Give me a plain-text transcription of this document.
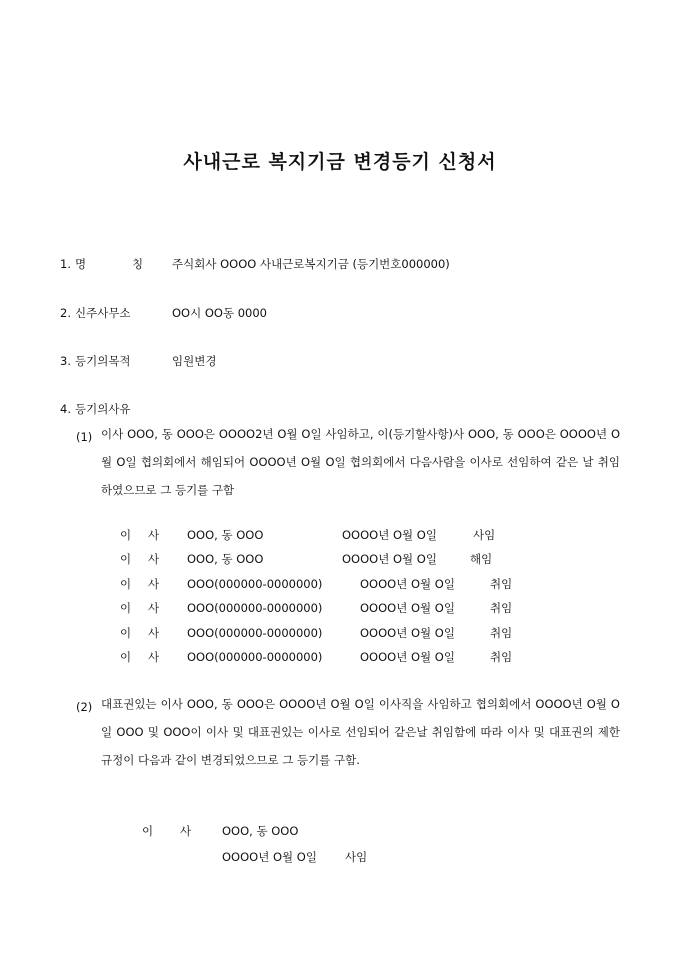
사내근로 복지기금 변경등기 신청서
1. 명	칭	주식회사 OOOO 사내근로복지기금 (등기번호000000)
2. 신주사무소	OO시 OO동 0000
3. 등기의목적	임원변경
4. 등기의사유
(1) 이사 OOO, 동 OOO은 OOOO2년 O월 O일 사임하고, 이(등기할사항)사 OOO, 동 OOO은 OOOO년 O월 O일 협의회에서 해임되어 OOOO년 O월 O일 협의회에서 다음사람을 이사로 선임하여 같은 날 취임하였으므로 그 등기를 구함
이 사 OOO, 동 OOO	OOOO년 O월 O일	사임
이 사 OOO, 동 OOO	OOOO년 O월 O일	해임
이 사 OOO(000000-0000000)	OOOO년 O월 O일	취임
이 사 OOO(000000-0000000)	OOOO년 O월 O일	취임
이 사 OOO(000000-0000000)	OOOO년 O월 O일	취임
이 사 OOO(000000-0000000)	OOOO년 O월 O일	취임
(2) 대표권있는 이사 OOO, 동 OOO은 OOOO년 O월 O일 이사직을 사임하고 협의회에서 OOOO년 O월 O일 OOO 및 OOO이 이사 및 대표권있는 이사로 선임되어 같은날 취임함에 따라 이사 및 대표권의 제한규정이 다음과 같이 변경되었으므로 그 등기를 구함.
이 사	OOO, 동 OOO
OOOO년 O월 O일 사임
